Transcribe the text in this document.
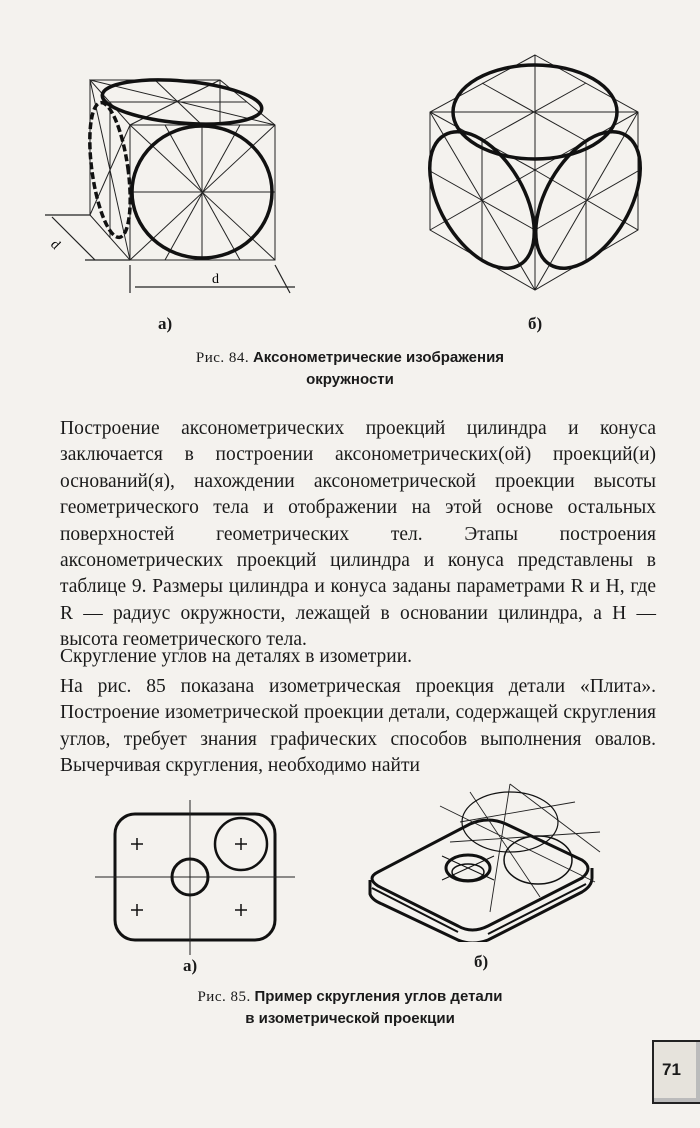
d
d
а)	б)
Рис. 84. Аксонометрические изображения
окружности

Построение аксонометрических проекций цилиндра и конуса заключается в построении аксонометрических(ой) проекций(и) оснований(я), нахождении аксонометрической проекции высоты геометрического тела и отображении на этой основе остальных поверхностей геометрических тел. Этапы построения аксонометрических проекций цилиндра и конуса представлены в таблице 9. Размеры цилиндра и конуса заданы параметрами R и H, где R — радиус окружности, лежащей в основании цилиндра, а H — высота геометрического тела.

Скругление углов на деталях в изометрии.

На рис. 85 показана изометрическая проекция детали «Плита». Построение изометрической проекции детали, содержащей скругления углов, требует знания графических способов выполнения овалов. Вычерчивая скругления, необходимо найти

а)	б)
Рис. 85. Пример скругления углов детали
в изометрической проекции
71
